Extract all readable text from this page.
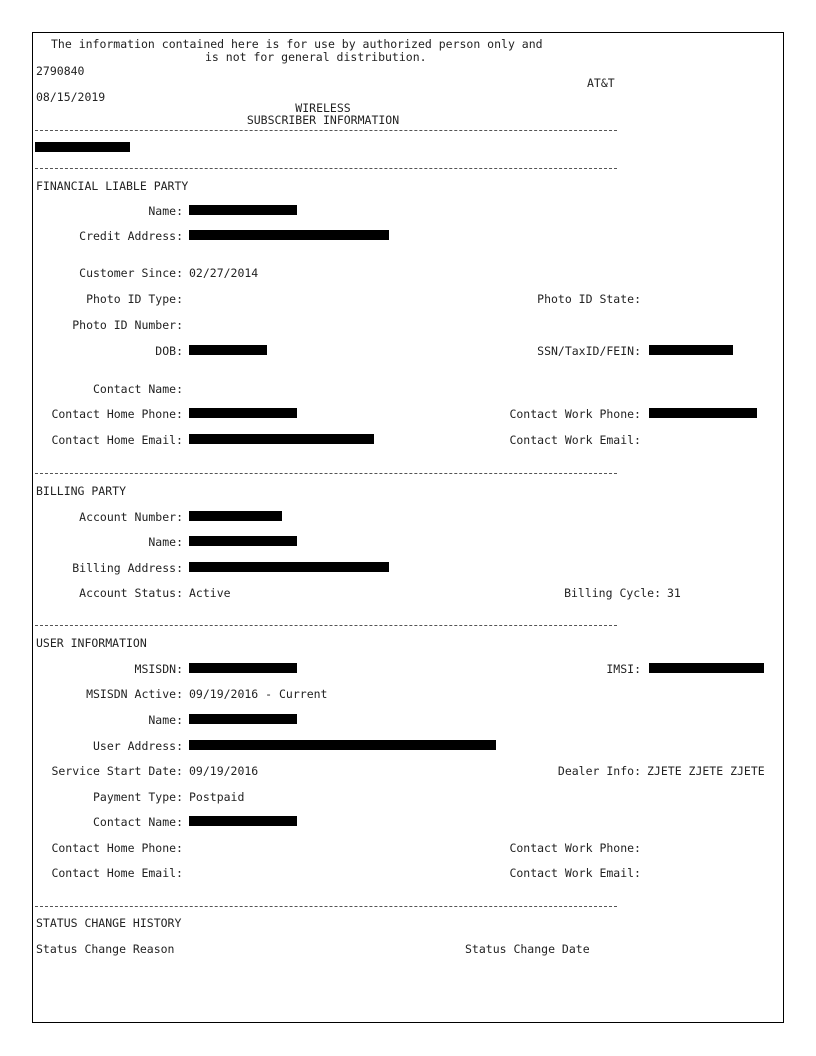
The information contained here is for use by authorized person only and
is not for general distribution.
2790840
AT&T
08/15/2019
WIRELESS
SUBSCRIBER INFORMATION
FINANCIAL LIABLE PARTY
Name:
Credit Address:
Customer Since: 02/27/2014
Photo ID Type:	Photo ID State:
Photo ID Number:
DOB:	SSN/TaxID/FEIN:
Contact Name:
Contact Home Phone:	Contact Work Phone:
Contact Home Email:	Contact Work Email:
BILLING PARTY
Account Number:
Name:
Billing Address:
Account Status: Active	Billing Cycle: 31
USER INFORMATION
MSISDN:	IMSI:
MSISDN Active: 09/19/2016 - Current
Name:
User Address:
Service Start Date: 09/19/2016	Dealer Info: ZJETE ZJETE ZJETE
Payment Type: Postpaid
Contact Name:
Contact Home Phone:	Contact Work Phone:
Contact Home Email:	Contact Work Email:
STATUS CHANGE HISTORY
Status Change Reason	Status Change Date
